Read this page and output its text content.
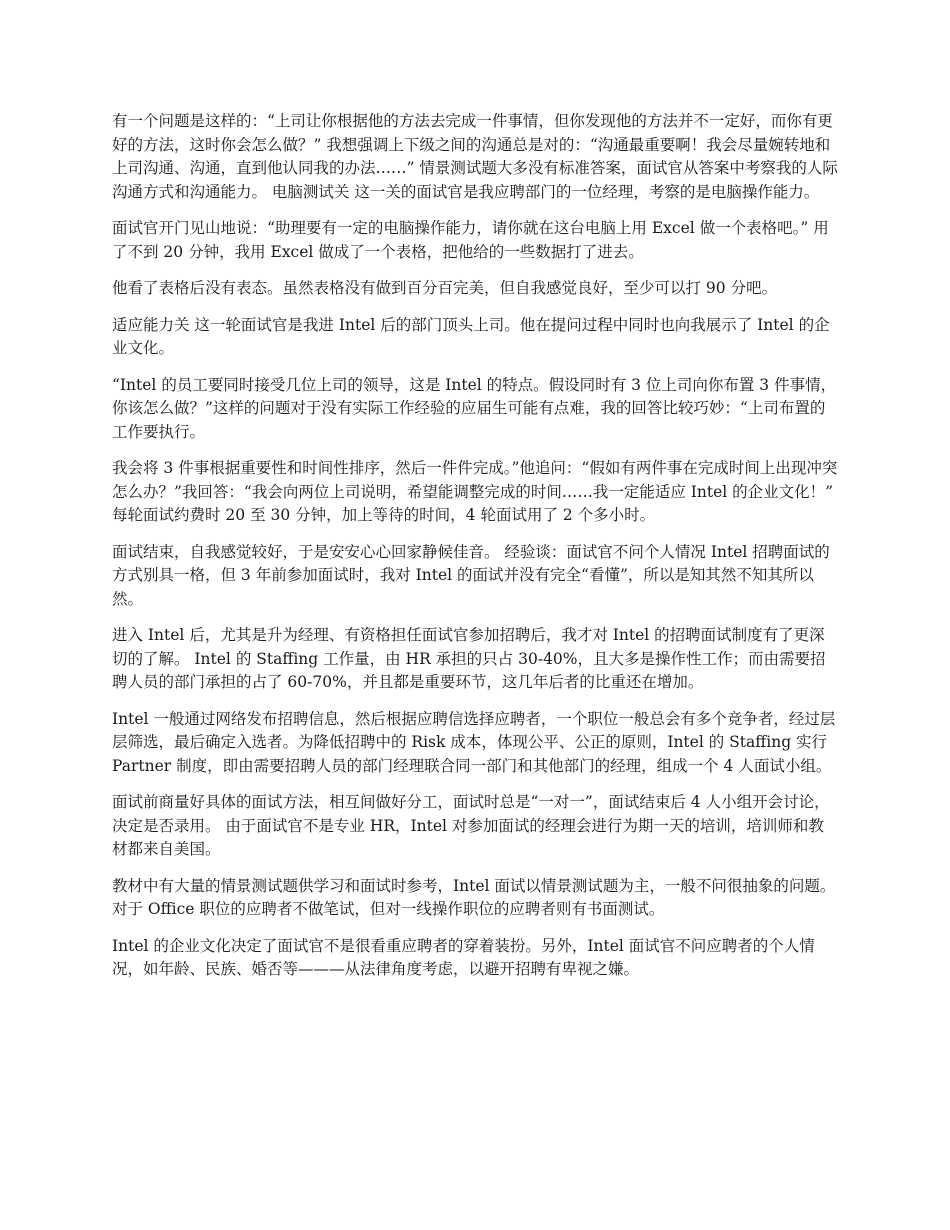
有一个问题是这样的：“上司让你根据他的方法去完成一件事情，但你发现他的方法并不一定好，而你有更好的方法，这时你会怎么做？” 我想强调上下级之间的沟通总是对的：“沟通最重要啊！我会尽量婉转地和上司沟通、沟通，直到他认同我的办法……” 情景测试题大多没有标准答案，面试官从答案中考察我的人际沟通方式和沟通能力。 电脑测试关 这一关的面试官是我应聘部门的一位经理，考察的是电脑操作能力。

面试官开门见山地说：“助理要有一定的电脑操作能力，请你就在这台电脑上用 Excel 做一个表格吧。” 用了不到 20 分钟，我用 Excel 做成了一个表格，把他给的一些数据打了进去。

他看了表格后没有表态。虽然表格没有做到百分百完美，但自我感觉良好，至少可以打 90 分吧。

适应能力关 这一轮面试官是我进 Intel 后的部门顶头上司。他在提问过程中同时也向我展示了 Intel 的企业文化。

“Intel 的员工要同时接受几位上司的领导，这是 Intel 的特点。假设同时有 3 位上司向你布置 3 件事情，你该怎么做？”这样的问题对于没有实际工作经验的应届生可能有点难，我的回答比较巧妙：“上司布置的工作要执行。

我会将 3 件事根据重要性和时间性排序，然后一件件完成。”他追问：“假如有两件事在完成时间上出现冲突怎么办？”我回答：“我会向两位上司说明，希望能调整完成的时间……我一定能适应 Intel 的企业文化！” 每轮面试约费时 20 至 30 分钟，加上等待的时间，4 轮面试用了 2 个多小时。

面试结束，自我感觉较好，于是安安心心回家静候佳音。 经验谈：面试官不问个人情况 Intel 招聘面试的方式别具一格，但 3 年前参加面试时，我对 Intel 的面试并没有完全“看懂”，所以是知其然不知其所以然。

进入 Intel 后，尤其是升为经理、有资格担任面试官参加招聘后，我才对 Intel 的招聘面试制度有了更深切的了解。 Intel 的 Staffing 工作量，由 HR 承担的只占 30-40%，且大多是操作性工作；而由需要招聘人员的部门承担的占了 60-70%，并且都是重要环节，这几年后者的比重还在增加。

Intel 一般通过网络发布招聘信息，然后根据应聘信选择应聘者，一个职位一般总会有多个竞争者，经过层层筛选，最后确定入选者。为降低招聘中的 Risk 成本，体现公平、公正的原则，Intel 的 Staffing 实行 Partner 制度，即由需要招聘人员的部门经理联合同一部门和其他部门的经理，组成一个 4 人面试小组。

面试前商量好具体的面试方法，相互间做好分工，面试时总是“一对一”，面试结束后 4 人小组开会讨论，决定是否录用。 由于面试官不是专业 HR，Intel 对参加面试的经理会进行为期一天的培训，培训师和教材都来自美国。

教材中有大量的情景测试题供学习和面试时参考，Intel 面试以情景测试题为主，一般不问很抽象的问题。对于 Office 职位的应聘者不做笔试，但对一线操作职位的应聘者则有书面测试。

Intel 的企业文化决定了面试官不是很看重应聘者的穿着装扮。另外，Intel 面试官不问应聘者的个人情况，如年龄、民族、婚否等———从法律角度考虑，以避开招聘有卑视之嫌。
